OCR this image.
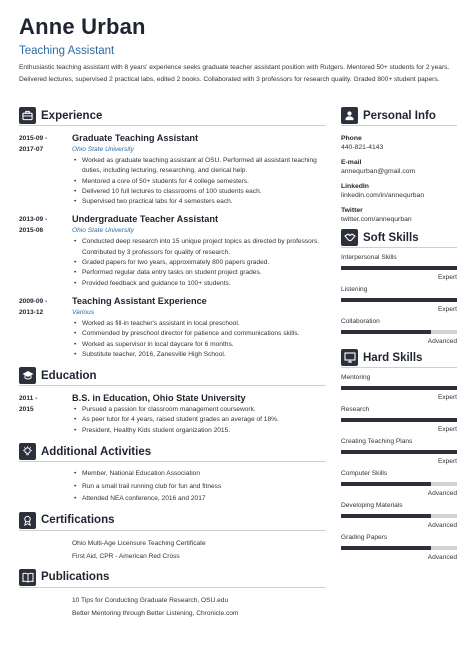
Anne Urban
Teaching Assistant
Enthusiastic teaching assistant with 8 years' experience seeks graduate teacher assistant position with Rutgers. Mentored 50+ students for 2 years. Delivered lectures, supervised 2 practical labs, edited 2 books. Collaborated with 3 professors for research quality. Graded 800+ student papers.
Experience
2015-09 -
2017-07
Graduate Teaching Assistant
Ohio State University
• Worked as graduate teaching assistant at OSU. Performed all assistant teaching duties, including lecturing, researching, and clerical help.
• Mentored a core of 50+ students for 4 college semesters.
• Delivered 10 full lectures to classrooms of 100 students each.
• Supervised two practical labs for 4 semesters each.
2013-09 -
2015-06
Undergraduate Teacher Assistant
Ohio State University
• Conducted deep research into 15 unique project topics as directed by professors. Contributed by 3 professors for quality of research.
• Graded papers for two years, approximately 800 papers graded.
• Performed regular data entry tasks on student project grades.
• Provided feedback and guidance to 100+ students.
2009-09 -
2013-12
Teaching Assistant Experience
Various
• Worked as fill-in teacher's assistant in local preschool.
• Commended by preschool director for patience and communications skills.
• Worked as supervisor in local daycare for 6 months.
• Substitute teacher, 2016, Zanesville High School.
Education
2011 -
2015
B.S. in Education, Ohio State University
• Pursued a passion for classroom management coursework.
• As peer tutor for 4 years, raised student grades an average of 18%.
• President, Healthy Kids student organization 2015.
Additional Activities
• Member, National Education Association
• Run a small trail running club for fun and fitness
• Attended NEA conference, 2016 and 2017
Certifications
Ohio Multi-Age Licensure Teaching Certificate
First Aid, CPR - American Red Cross
Publications
10 Tips for Conducting Graduate Research, OSU.edu
Better Mentoring through Better Listening, Chronicle.com
Personal Info
Phone
440-821-4143
E-mail
annequrban@gmail.com
LinkedIn
linkedin.com/in/annequrban
Twitter
twitter.com/annequrban
Soft Skills
Interpersonal Skills
Expert
Listening
Expert
Collaboration
Advanced
Hard Skills
Mentoring
Expert
Research
Expert
Creating Teaching Plans
Expert
Computer Skills
Advanced
Developing Materials
Advanced
Grading Papers
Advanced
